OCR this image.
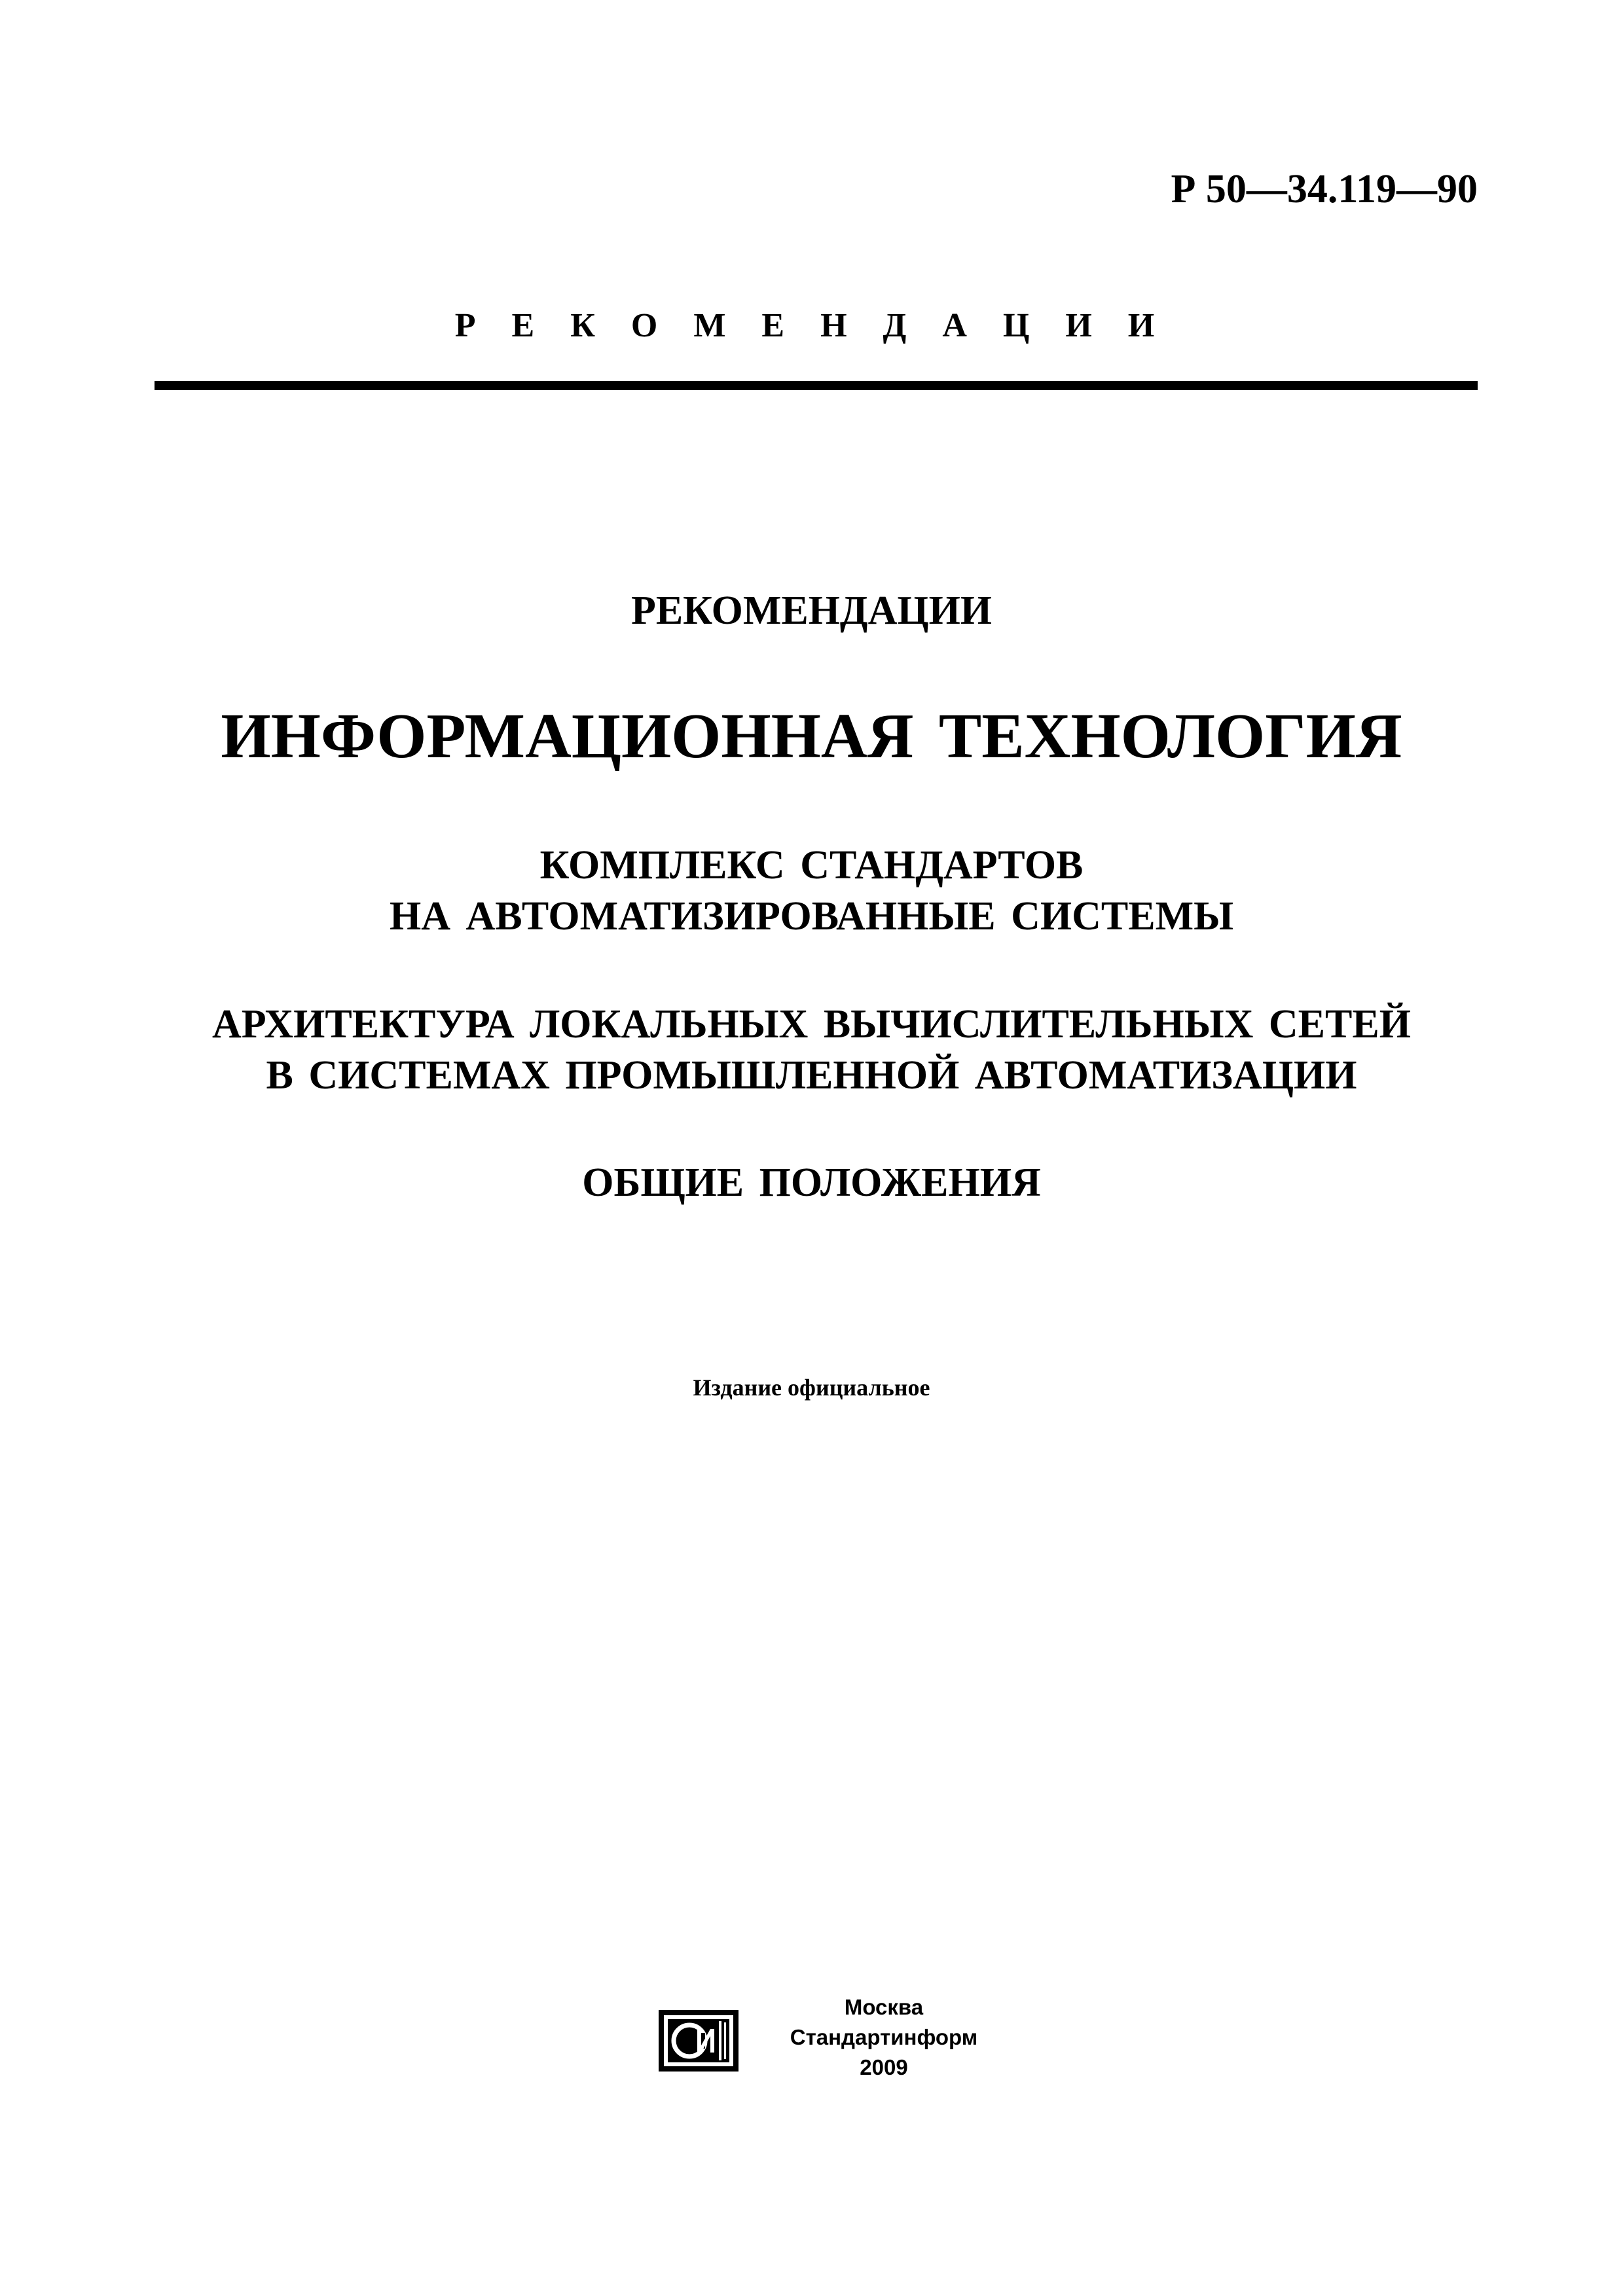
Р 50—34.119—90
Р Е К О М Е Н Д А Ц И И
РЕКОМЕНДАЦИИ
ИНФОРМАЦИОННАЯ ТЕХНОЛОГИЯ
КОМПЛЕКС СТАНДАРТОВ
НА АВТОМАТИЗИРОВАННЫЕ СИСТЕМЫ
АРХИТЕКТУРА ЛОКАЛЬНЫХ ВЫЧИСЛИТЕЛЬНЫХ СЕТЕЙ
В СИСТЕМАХ ПРОМЫШЛЕННОЙ АВТОМАТИЗАЦИИ
ОБЩИЕ ПОЛОЖЕНИЯ
Издание официальное
Москва
Стандартинформ
2009
